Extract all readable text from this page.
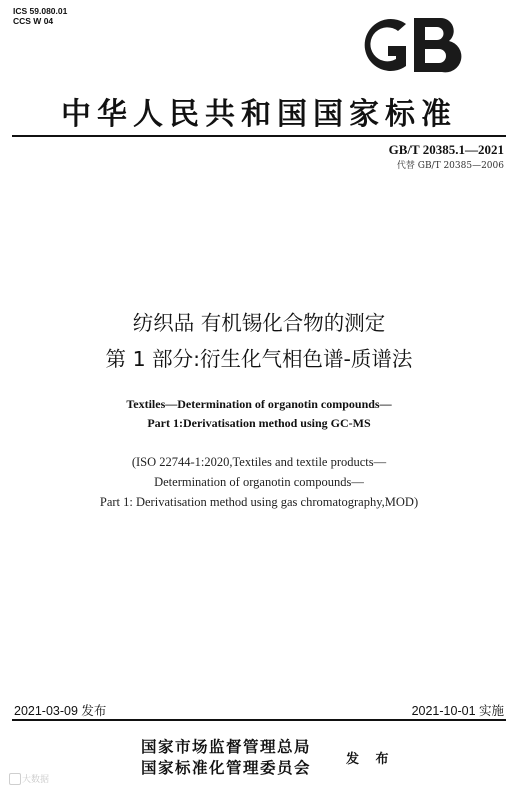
ICS 59.080.01
CCS W 04
GB
中华人民共和国国家标准
GB/T 20385.1—2021
代替 GB/T 20385—2006
纺织品 有机锡化合物的测定
第 1 部分:衍生化气相色谱-质谱法
Textiles—Determination of organotin compounds—
Part 1:Derivatisation method using GC-MS
(ISO 22744-1:2020,Textiles and textile products—
Determination of organotin compounds—
Part 1: Derivatisation method using gas chromatography,MOD)
2021-03-09 发布	2021-10-01 实施
国家市场监督管理总局
国家标准化管理委员会	发 布
大数据
